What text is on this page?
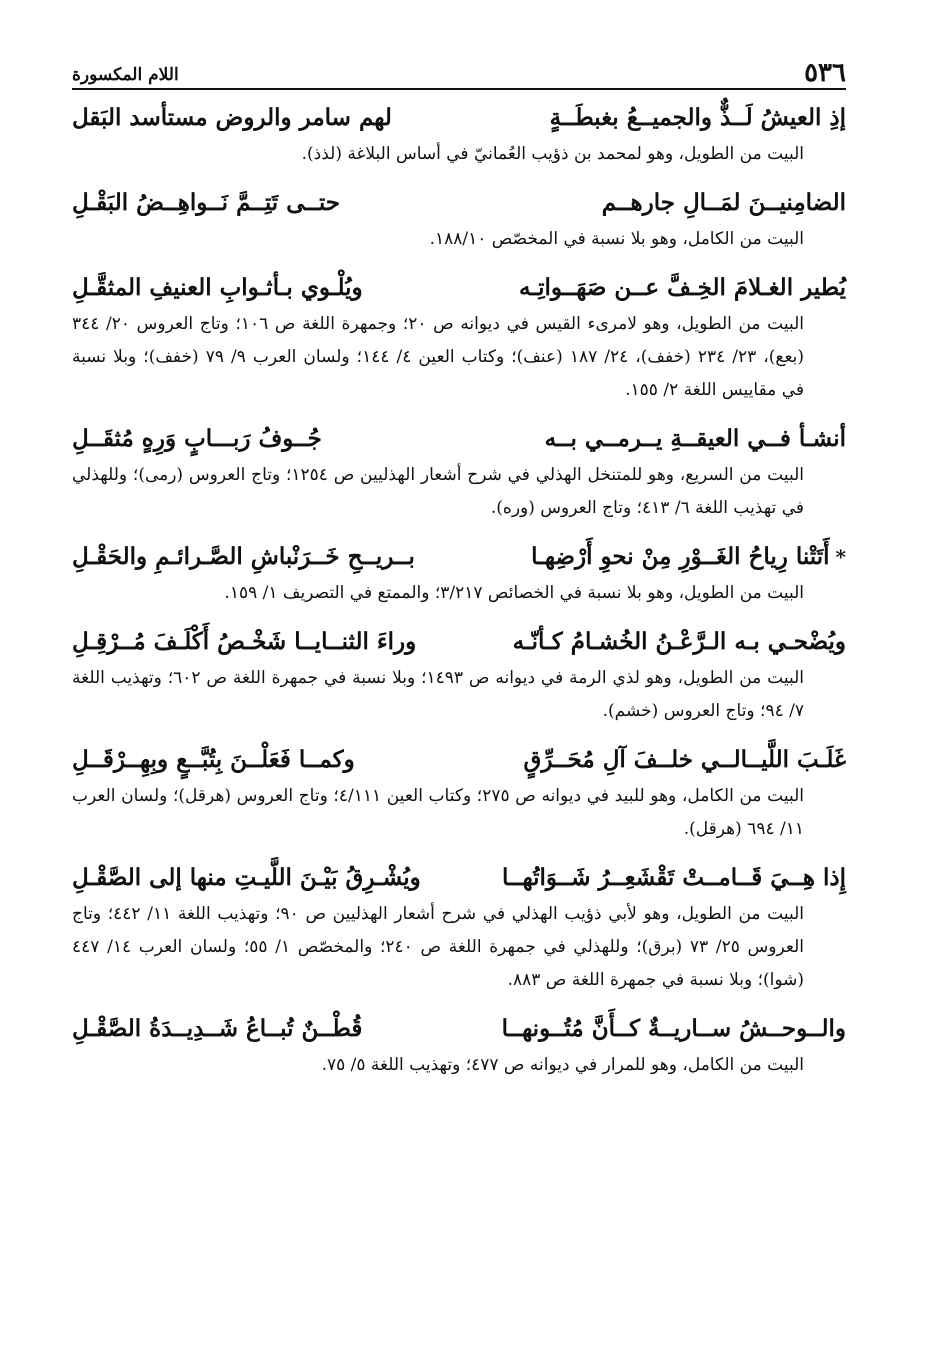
٥٣٦
اللام المكسورة
إذِ العيشُ لَــذٌّ والجميــعُ بغبطَــةٍ
لهم سامر والروض مستأسد البَقل
البيت من الطويل، وهو لمحمد بن ذؤيب العُمانيّ في أساس البلاغة (لذذ).
الضامِنيــنَ لمَــالِ جارهــم
حتــى تَتِــمَّ نَــواهِــضُ البَقْـلِ
البيت من الكامل، وهو بلا نسبة في المخصّص ١٨٨/١٠.
يُطير الغـلامَ الخِـفَّ عــن صَهَــواتِـه
ويُلْـوي بـأثـوابِ العنيفِ المثقَّـلِ
البيت من الطويل، وهو لامرىء القيس في ديوانه ص ٢٠؛ وجمهرة اللغة ص ١٠٦؛ وتاج العروس ٢٠/ ٣٤٤ (بعع)، ٢٣/ ٢٣٤ (خفف)، ٢٤/ ١٨٧ (عنف)؛ وكتاب العين ٤/ ١٤٤؛ ولسان العرب ٩/ ٧٩ (خفف)؛ وبلا نسبة في مقاييس اللغة ٢/ ١٥٥.
أنشـأ فــي العيقــةِ يــرمــي بــه
جُــوفُ رَبـــابٍ وَرِهٍ مُثقَــلِ
البيت من السريع، وهو للمتنخل الهذلي في شرح أشعار الهذليين ص ١٢٥٤؛ وتاج العروس (رمى)؛ وللهذلي في تهذيب اللغة ٦/ ٤١٣؛ وتاج العروس (وره).
*أَتَتْنا رِياحُ الغَــوْرِ مِنْ نحوِ أَرْضِهـا
بــريــحِ خَــرَنْباشِ الصَّـرائـمِ والحَقْـلِ
البيت من الطويل، وهو بلا نسبة في الخصائص ٣/٢١٧؛ والممتع في التصريف ١/ ١٥٩.
ويُضْحـي بـه الـرَّعْـنُ الخُشـامُ كـأنّـه
وراءَ الثنــايــا شَخْـصُ أَكْلَـفَ مُــرْقِـلِ
البيت من الطويل، وهو لذي الرمة في ديوانه ص ١٤٩٣؛ وبلا نسبة في جمهرة اللغة ص ٦٠٢؛ وتهذيب اللغة ٧/ ٩٤؛ وتاج العروس (خشم).
غَلَـبَ اللَّيــالــي خلــفَ آلِ مُحَــرِّقٍ
وكمــا فَعَلْــنَ بِتُبَّــعٍ وبِهِــرْقَــلِ
البيت من الكامل، وهو للبيد في ديوانه ص ٢٧٥؛ وكتاب العين ٤/١١١؛ وتاج العروس (هرقل)؛ ولسان العرب ١١/ ٦٩٤ (هرقل).
إِذا هِــيَ قَــامــتْ تَقْشَعِــرُ شَــوَاتُهــا
ويُشْـرِقُ بَيْـنَ اللَّيـتِ منها إلى الصَّقْـلِ
البيت من الطويل، وهو لأبي ذؤيب الهذلي في شرح أشعار الهذليين ص ٩٠؛ وتهذيب اللغة ١١/ ٤٤٢؛ وتاج العروس ٢٥/ ٧٣ (برق)؛ وللهذلي في جمهرة اللغة ص ٢٤٠؛ والمخصّص ١/ ٥٥؛ ولسان العرب ١٤/ ٤٤٧ (شوا)؛ وبلا نسبة في جمهرة اللغة ص ٨٨٣.
والــوحــشُ ســاريــةٌ كــأَنَّ مُتُــونهــا
قُطْــنٌ تُبــاعُ شَــدِيــدَةُ الصَّقْـلِ
البيت من الكامل، وهو للمرار في ديوانه ص ٤٧٧؛ وتهذيب اللغة ٥/ ٧٥.
